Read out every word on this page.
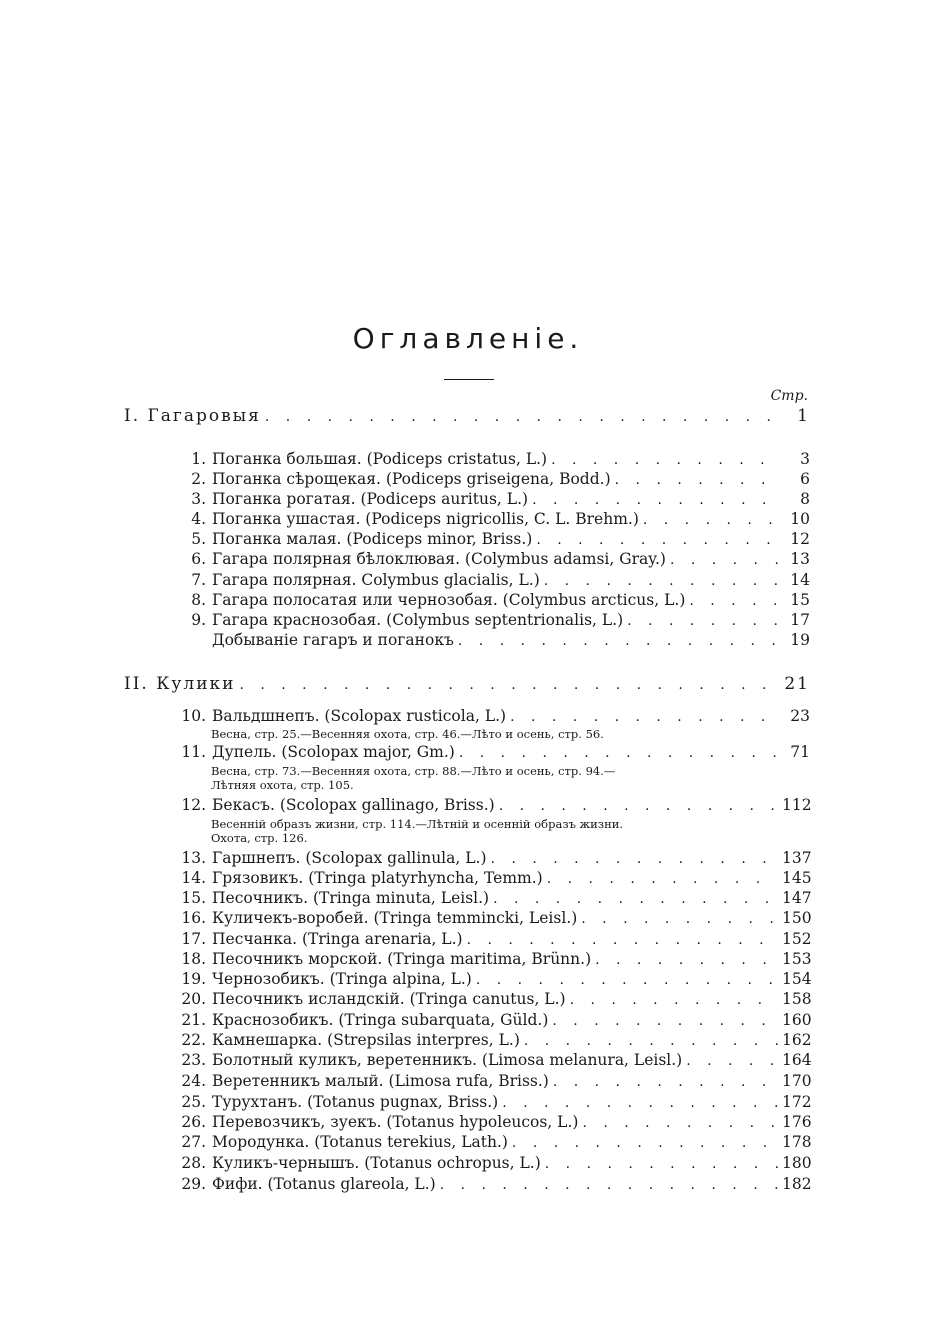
Оглавленіе.
Стр.
I. Гагаровыя . . .	1
1. Поганка большая. (Podiceps cristatus, L.) . . .	3
2. Поганка сѣрощекая. (Podiceps griseigena, Bodd.) . . .	6
3. Поганка рогатая. (Podiceps auritus, L.) . . .	8
4. Поганка ушастая. (Podiceps nigricollis, C. L. Brehm.) . . .	10
5. Поганка малая. (Podiceps minor, Briss.) . . .	12
6. Гагара полярная бѣлоклювая. (Colymbus adamsi, Gray.) . . .	13
7. Гагара полярная. Colymbus glacialis, L.) . . .	14
8. Гагара полосатая или чернозобая. (Colymbus arcticus, L.) . . .	15
9. Гагара краснозобая. (Colymbus septentrionalis, L.) . . .	17
Добываніе гагаръ и поганокъ . . .	19
II. Кулики . . .	21
10. Вальдшнепъ. (Scolopax rusticola, L.) . . .	23
Весна, стр. 25.—Весенняя охота, стр. 46.—Лѣто и осень, стр. 56.
11. Дупель. (Scolopax major, Gm.) . . .	71
Весна, стр. 73.—Весенняя охота, стр. 88.—Лѣто и осень, стр. 94.—
Лѣтняя охота, стр. 105.
12. Бекасъ. (Scolopax gallinago, Briss.) . . .	112
Весеннiй образъ жизни, стр. 114.—Лѣтнiй и осеннiй образъ жизни.
Охота, стр. 126.
13. Гаршнепъ. (Scolopax gallinula, L.) . . .	137
14. Грязовикъ. (Tringa platyrhyncha, Temm.) . . .	145
15. Песочникъ. (Tringa minuta, Leisl.) . . .	147
16. Куличекъ-воробей. (Tringa temmincki, Leisl.) . . .	150
17. Песчанка. (Tringa arenaria, L.) . . .	152
18. Песочникъ морской. (Tringa maritima, Brünn.) . . .	153
19. Чернозобикъ. (Tringa alpina, L.) . . .	154
20. Песочникъ исландскій. (Tringa canutus, L.) . . .	158
21. Краснозобикъ. (Tringa subarquata, Güld.) . . .	160
22. Камнешарка. (Strepsilas interpres, L.) . . .	162
23. Болотный куликъ, веретенникъ. (Limosa melanura, Leisl.) . . .	164
24. Веретенникъ малый. (Limosa rufa, Briss.) . . .	170
25. Турухтанъ. (Totanus pugnax, Briss.) . . .	172
26. Перевозчикъ, зуекъ. (Totanus hypoleucos, L.) . . .	176
27. Мородунка. (Totanus terekius, Lath.) . . .	178
28. Куликъ-чернышъ. (Totanus ochropus, L.) . . .	180
29. Фифи. (Totanus glareola, L.) . . .	182
